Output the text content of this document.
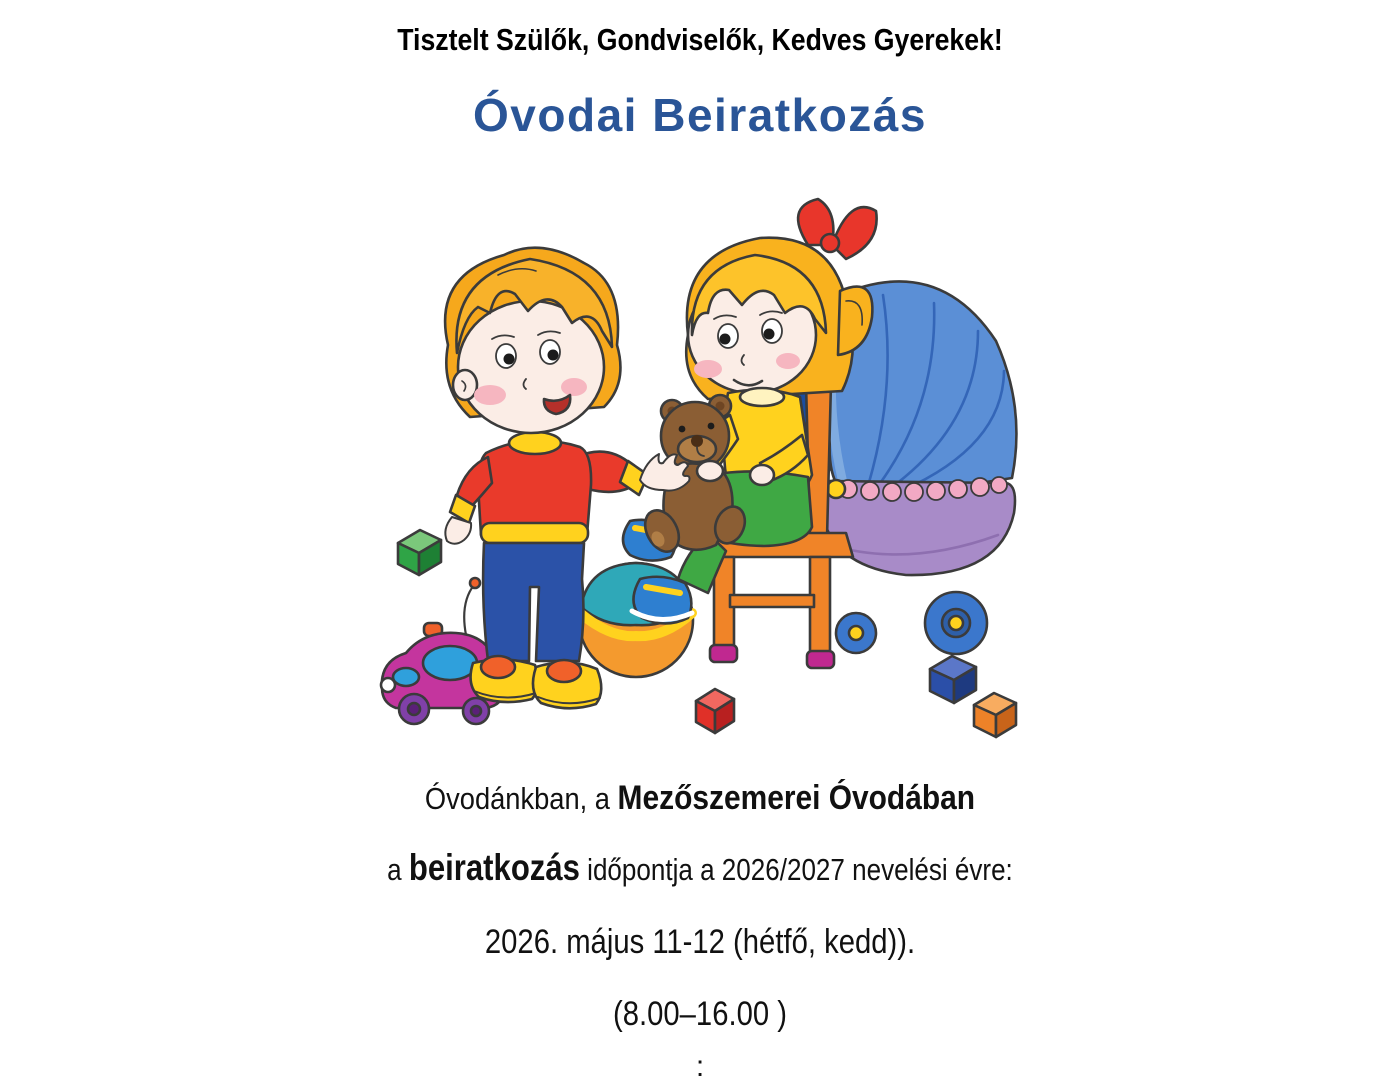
Tisztelt Szülők, Gondviselők, Kedves Gyerekek!
Óvodai Beiratkozás
Óvodánkban, a Mezőszemerei Óvodában
a beiratkozás időpontja a 2026/2027 nevelési évre:
2026. május 11-12 (hétfő, kedd)).
(8.00–16.00 )
:
